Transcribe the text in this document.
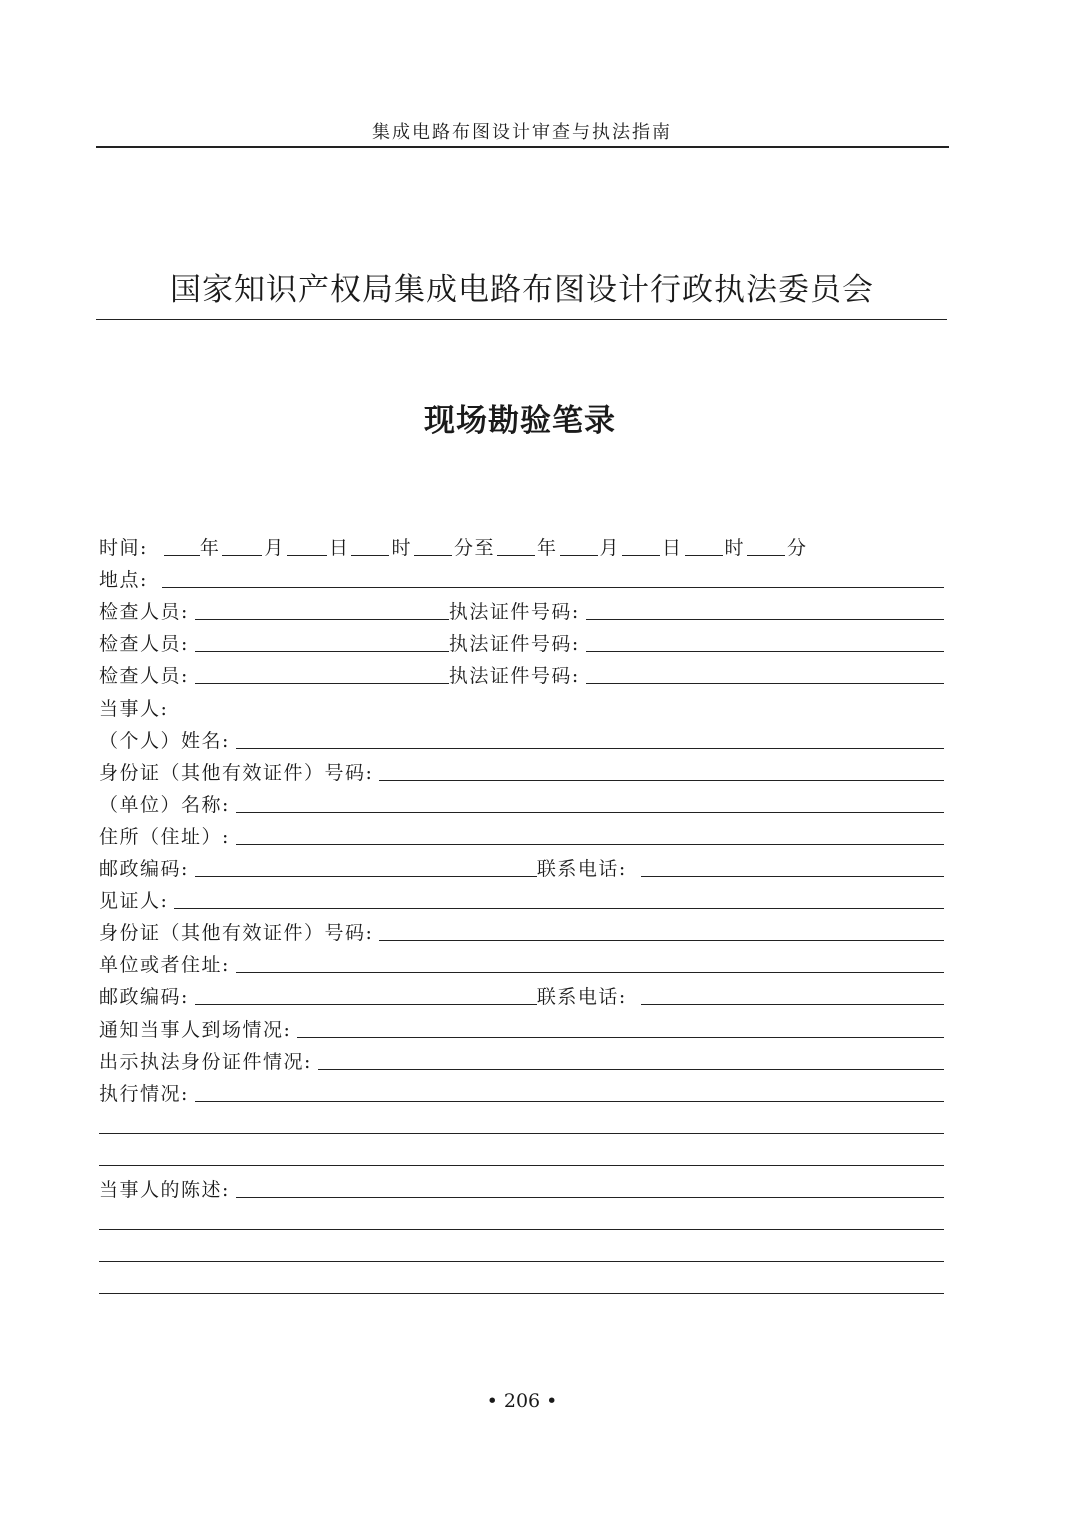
集成电路布图设计审查与执法指南
国家知识产权局集成电路布图设计行政执法委员会
现场勘验笔录
时间:	年 月 日 时 分至 年 月 日 时 分
地点:
检查人员:	执法证件号码:
检查人员:	执法证件号码:
检查人员:	执法证件号码:
当事人:
（个人）姓名:
身份证（其他有效证件）号码:
（单位）名称:
住所（住址）:
邮政编码:	联系电话:
见证人:
身份证（其他有效证件）号码:
单位或者住址:
邮政编码:	联系电话:
通知当事人到场情况:
出示执法身份证件情况:
执行情况:
当事人的陈述:
• 206 •
